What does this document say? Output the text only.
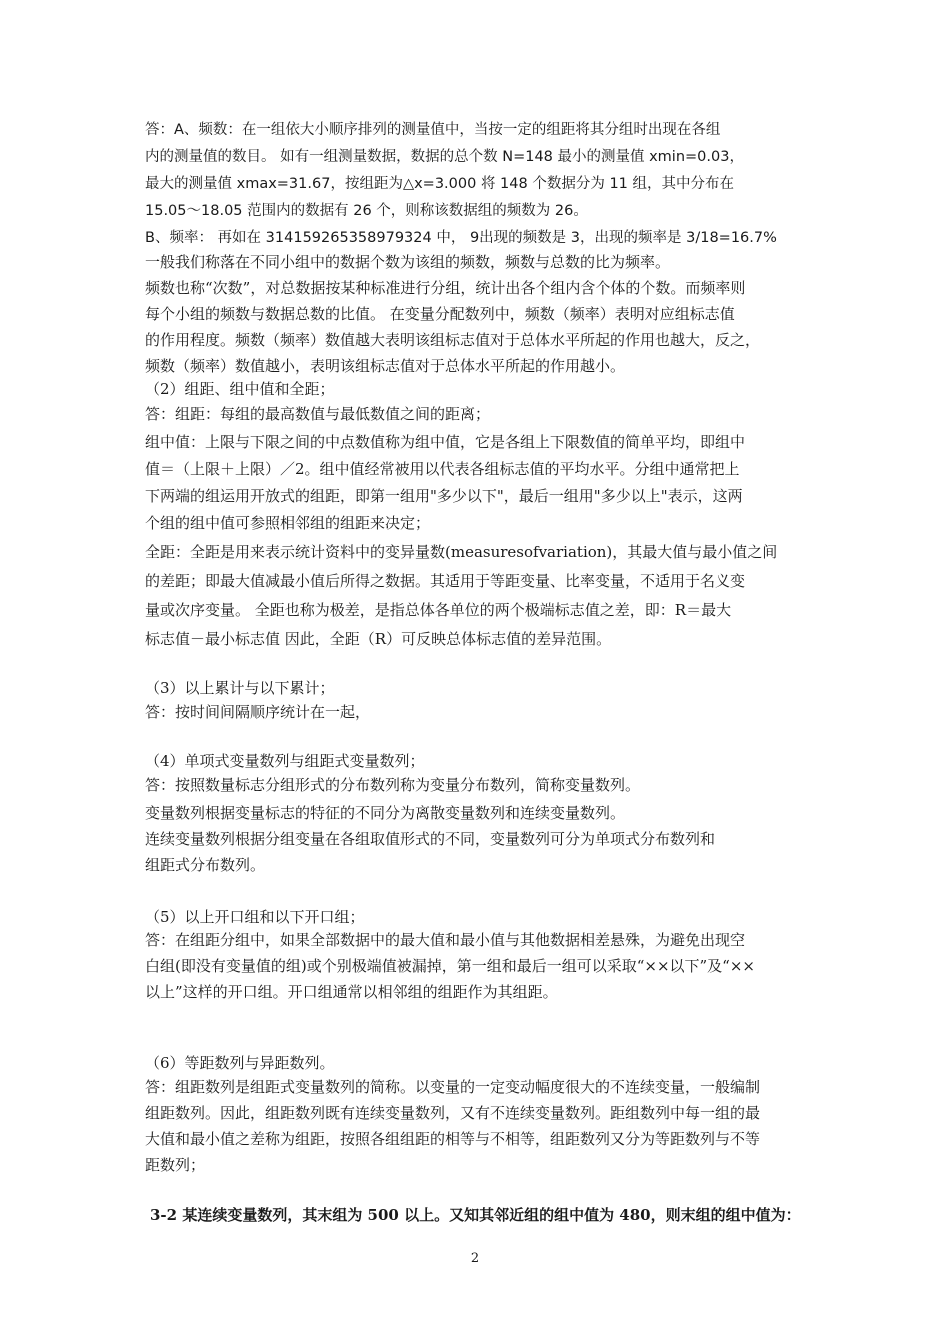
答：A、频数：在一组依大小顺序排列的测量值中，当按一定的组距将其分组时出现在各组
内的测量值的数目。 如有一组测量数据，数据的总个数 N=148 最小的测量值 xmin=0.03，
最大的测量值 xmax=31.67，按组距为△x=3.000 将 148 个数据分为 11 组，其中分布在
15.05～18.05 范围内的数据有 26 个，则称该数据组的频数为 26。
B、频率： 再如在 314159265358979324 中， 9出现的频数是 3，出现的频率是 3/18=16.7%
一般我们称落在不同小组中的数据个数为该组的频数，频数与总数的比为频率。
频数也称“次数”，对总数据按某种标准进行分组，统计出各个组内含个体的个数。而频率则
每个小组的频数与数据总数的比值。 在变量分配数列中，频数（频率）表明对应组标志值
的作用程度。频数（频率）数值越大表明该组标志值对于总体水平所起的作用也越大，反之，
频数（频率）数值越小，表明该组标志值对于总体水平所起的作用越小。
（2）组距、组中值和全距；
答：组距：每组的最高数值与最低数值之间的距离；
组中值：上限与下限之间的中点数值称为组中值，它是各组上下限数值的简单平均，即组中
值＝（上限＋上限）／2。组中值经常被用以代表各组标志值的平均水平。分组中通常把上
下两端的组运用开放式的组距，即第一组用"多少以下"，最后一组用"多少以上"表示，这两
个组的组中值可参照相邻组的组距来决定；
全距：全距是用来表示统计资料中的变异量数(measuresofvariation)，其最大值与最小值之间
的差距；即最大值减最小值后所得之数据。其适用于等距变量、比率变量，不适用于名义变
量或次序变量。 全距也称为极差，是指总体各单位的两个极端标志值之差，即：R＝最大
标志值－最小标志值 因此，全距（R）可反映总体标志值的差异范围。
（3）以上累计与以下累计；
答：按时间间隔顺序统计在一起，
（4）单项式变量数列与组距式变量数列；
答：按照数量标志分组形式的分布数列称为变量分布数列，简称变量数列。
变量数列根据变量标志的特征的不同分为离散变量数列和连续变量数列。
连续变量数列根据分组变量在各组取值形式的不同，变量数列可分为单项式分布数列和
组距式分布数列。
（5）以上开口组和以下开口组；
答：在组距分组中，如果全部数据中的最大值和最小值与其他数据相差悬殊，为避免出现空
白组(即没有变量值的组)或个别极端值被漏掉，第一组和最后一组可以采取“××以下”及“××
以上”这样的开口组。开口组通常以相邻组的组距作为其组距。
（6）等距数列与异距数列。
答：组距数列是组距式变量数列的简称。以变量的一定变动幅度很大的不连续变量，一般编制
组距数列。因此，组距数列既有连续变量数列，又有不连续变量数列。距组数列中每一组的最
大值和最小值之差称为组距，按照各组组距的相等与不相等，组距数列又分为等距数列与不等
距数列；
3-2 某连续变量数列，其末组为 500 以上。又知其邻近组的组中值为 480，则末组的组中值为：
2
